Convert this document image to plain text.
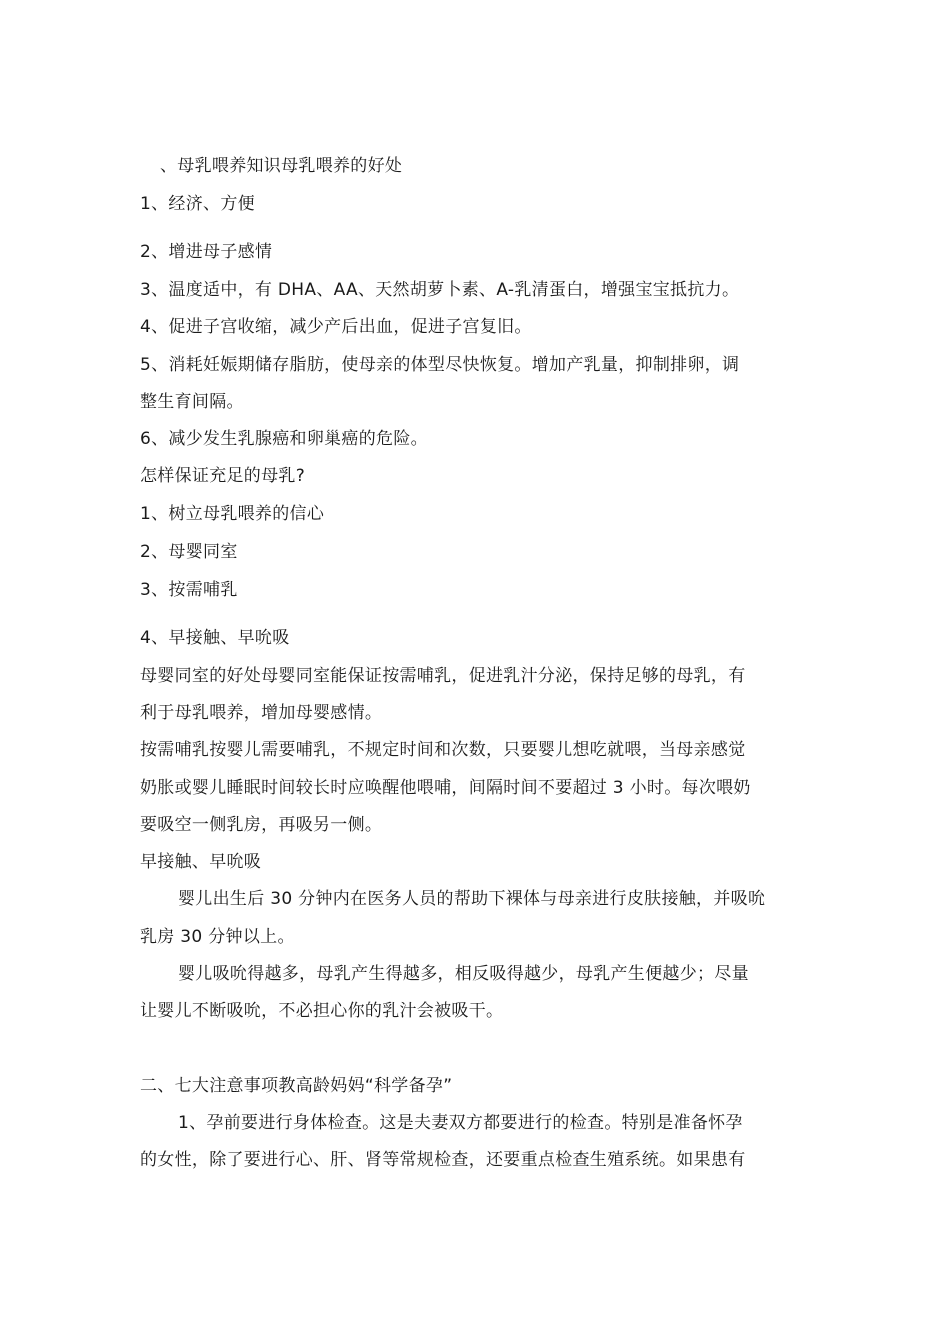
、母乳喂养知识母乳喂养的好处
1、经济、方便
2、增进母子感情
3、温度适中，有 DHA、AA、天然胡萝卜素、A-乳清蛋白，增强宝宝抵抗力。
4、促进子宫收缩，减少产后出血，促进子宫复旧。
5、消耗妊娠期储存脂肪，使母亲的体型尽快恢复。增加产乳量，抑制排卵，调
整生育间隔。
6、减少发生乳腺癌和卵巢癌的危险。
怎样保证充足的母乳?
1、树立母乳喂养的信心
2、母婴同室
3、按需哺乳
4、早接触、早吮吸
母婴同室的好处母婴同室能保证按需哺乳，促进乳汁分泌，保持足够的母乳，有
利于母乳喂养，增加母婴感情。
按需哺乳按婴儿需要哺乳，不规定时间和次数，只要婴儿想吃就喂，当母亲感觉
奶胀或婴儿睡眠时间较长时应唤醒他喂哺，间隔时间不要超过 3 小时。每次喂奶
要吸空一侧乳房，再吸另一侧。
早接触、早吮吸
婴儿出生后 30 分钟内在医务人员的帮助下裸体与母亲进行皮肤接触，并吸吮
乳房 30 分钟以上。
婴儿吸吮得越多，母乳产生得越多，相反吸得越少，母乳产生便越少；尽量
让婴儿不断吸吮，不必担心你的乳汁会被吸干。
二、七大注意事项教高龄妈妈“科学备孕”
1、孕前要进行身体检查。这是夫妻双方都要进行的检查。特别是准备怀孕
的女性，除了要进行心、肝、肾等常规检查，还要重点检查生殖系统。如果患有
